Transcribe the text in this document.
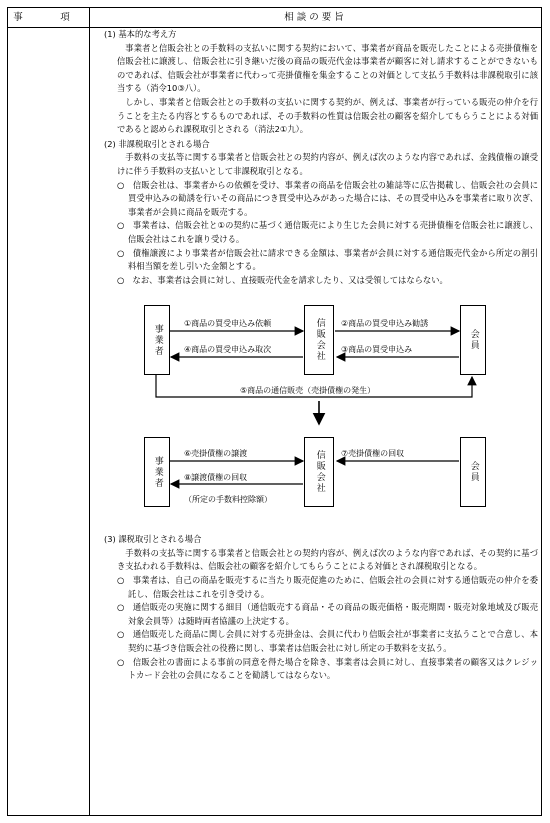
事　項	相談の要旨

(1) 基本的な考え方

事業者と信販会社との手数料の支払いに関する契約において、事業者が商品を販売したことによる売掛債権を信販会社に譲渡し、信販会社に引き継いだ後の商品の販売代金は事業者が顧客に対し請求することができないものであれば、信販会社が事業者に代わって売掛債権を集金することの対価として支払う手数料は非課税取引に該当する（消令10③八）。

しかし、事業者と信販会社との手数料の支払いに関する契約が、例えば、事業者が行っている販売の仲介を行うことを主たる内容とするものであれば、その手数料の性質は信販会社の顧客を紹介してもらうことによる対価であると認められ課税取引とされる（消法2①九）。

(2) 非課税取引とされる場合

手数料の支払等に関する事業者と信販会社との契約内容が、例えば次のような内容であれば、金銭債権の譲受けに伴う手数料の支払いとして非課税取引となる。

○　信販会社は、事業者からの依頼を受け、事業者の商品を信販会社の雑誌等に広告掲載し、信販会社の会員に買受申込みの勧誘を行いその商品につき買受申込みがあった場合には、その買受申込みを事業者に取り次ぎ、事業者が会員に商品を販売する。

○　事業者は、信販会社と①の契約に基づく通信販売により生じた会員に対する売掛債権を信販会社に譲渡し、信販会社はこれを譲り受ける。

○　債権譲渡により事業者が信販会社に請求できる金額は、事業者が会員に対する通信販売代金から所定の割引料相当額を差し引いた金額とする。

○　なお、事業者は会員に対し、直接販売代金を請求したり、又は受領してはならない。

事業者	信販会社	会員
①商品の買受申込み依頼
④商品の買受申込み取次
②商品の買受申込み勧誘
③商品の買受申込み
⑤商品の通信販売（売掛債権の発生）
事業者	信販会社	会員
⑥売掛債権の譲渡
⑧譲渡債権の回収
⑦売掛債権の回収
（所定の手数料控除額）

(3) 課税取引とされる場合

手数料の支払等に関する事業者と信販会社との契約内容が、例えば次のような内容であれば、その契約に基づき支払われる手数料は、信販会社の顧客を紹介してもらうことによる対価とされ課税取引となる。

○　事業者は、自己の商品を販売するに当たり販売促進のために、信販会社の会員に対する通信販売の仲介を委託し、信販会社はこれを引き受ける。

○　通信販売の実施に関する細目（通信販売する商品・その商品の販売価格・販売期間・販売対象地域及び販売対象会員等）は随時両者協議の上決定する。

○　通信販売した商品に関し会員に対する売掛金は、会員に代わり信販会社が事業者に支払うことで合意し、本契約に基づき信販会社の役務に関し、事業者は信販会社に対し所定の手数料を支払う。

○　信販会社の書面による事前の同意を得た場合を除き、事業者は会員に対し、直接事業者の顧客又はクレジットカード会社の会員になることを勧誘してはならない。
